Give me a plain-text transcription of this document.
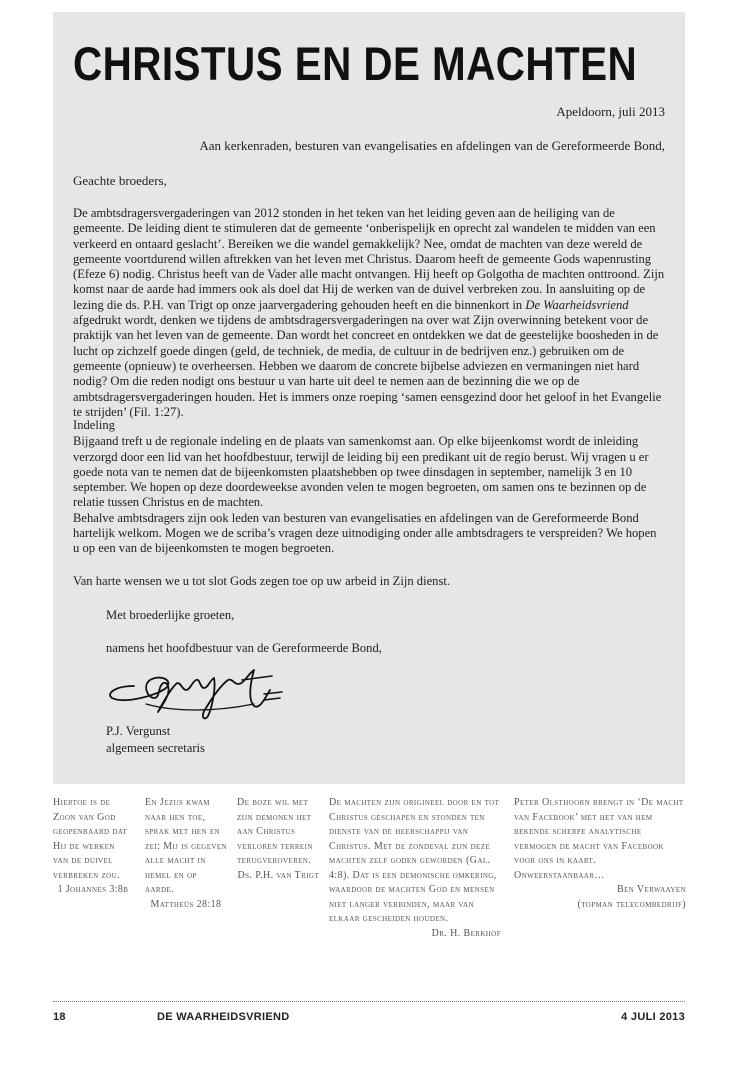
CHRISTUS EN DE MACHTEN
Apeldoorn, juli 2013
Aan kerkenraden, besturen van evangelisaties en afdelingen van de Gereformeerde Bond,
Geachte broeders,

De ambtsdragersvergaderingen van 2012 stonden in het teken van het leiding geven aan de heiliging van de gemeente. De leiding dient te stimuleren dat de gemeente ‘onberispelijk en oprecht zal wandelen te midden van een verkeerd en ontaard geslacht’. Bereiken we die wandel gemakkelijk? Nee, omdat de machten van deze wereld de gemeente voortdurend willen aftrekken van het leven met Christus. Daarom heeft de gemeente Gods wapenrusting (Efeze 6) nodig. Christus heeft van de Vader alle macht ontvangen. Hij heeft op Golgotha de machten onttroond. Zijn komst naar de aarde had immers ook als doel dat Hij de werken van de duivel verbreken zou. In aansluiting op de lezing die ds. P.H. van Trigt op onze jaarvergadering gehouden heeft en die binnenkort in De Waarheidsvriend afgedrukt wordt, denken we tijdens de ambtsdragersvergaderingen na over wat Zijn overwinning betekent voor de praktijk van het leven van de gemeente. Dan wordt het concreet en ontdekken we dat de geestelijke boosheden in de lucht op zichzelf goede dingen (geld, de techniek, de media, de cultuur in de bedrijven enz.) gebruiken om de gemeente (opnieuw) te overheersen. Hebben we daarom de concrete bijbelse adviezen en vermaningen niet hard nodig? Om die reden nodigt ons bestuur u van harte uit deel te nemen aan de bezinning die we op de ambtsdragersvergaderingen houden. Het is immers onze roeping ‘samen eensgezind door het geloof in het Evangelie te strijden’ (Fil. 1:27).

Indeling

Bijgaand treft u de regionale indeling en de plaats van samenkomst aan. Op elke bijeenkomst wordt de inleiding verzorgd door een lid van het hoofdbestuur, terwijl de leiding bij een predikant uit de regio berust. Wij vragen u er goede nota van te nemen dat de bijeenkomsten plaatshebben op twee dinsdagen in september, namelijk 3 en 10 september. We hopen op deze doordeweekse avonden velen te mogen begroeten, om samen ons te bezinnen op de relatie tussen Christus en de machten.

Behalve ambtsdragers zijn ook leden van besturen van evangelisaties en afdelingen van de Gereformeerde Bond hartelijk welkom. Mogen we de scriba’s vragen deze uitnodiging onder alle ambtsdragers te verspreiden? We hopen u op een van de bijeenkomsten te mogen begroeten.

Van harte wensen we u tot slot Gods zegen toe op uw arbeid in Zijn dienst.

Met broederlijke groeten,
namens het hoofdbestuur van de Gereformeerde Bond,
P.J. Vergunst
algemeen secretaris
Hiertoe is de Zoon van God geopenbaard dat Hij de werken van de duivel verbreken zou.
1 Johannes 3:8b
En Jezus kwam naar hen toe, sprak met hen en zei: Mij is gegeven alle macht in hemel en op aarde.
Mattheüs 28:18
De boze wil met zijn demonen het aan Christus verloren terrein terugveroveren.
Ds. P.H. van Trigt
De machten zijn origineel door en tot Christus geschapen en stonden ten dienste van de heerschappij van Christus. Met de zondeval zijn deze machten zelf goden geworden (Gal. 4:8). Dat is een demonische omkering, waardoor de machten God en mensen niet langer verbinden, maar van elkaar gescheiden houden.
Dr. H. Berkhof
Peter Olsthoorn brengt in ‘De macht van Facebook’ met het van hem bekende scherpe analytische vermogen de macht van Facebook voor ons in kaart. Onweerstaanbaar…
Ben Verwaayen
(topman telecombedrijf)
18	DE WAARHEIDSVRIEND	4 JULI 2013
